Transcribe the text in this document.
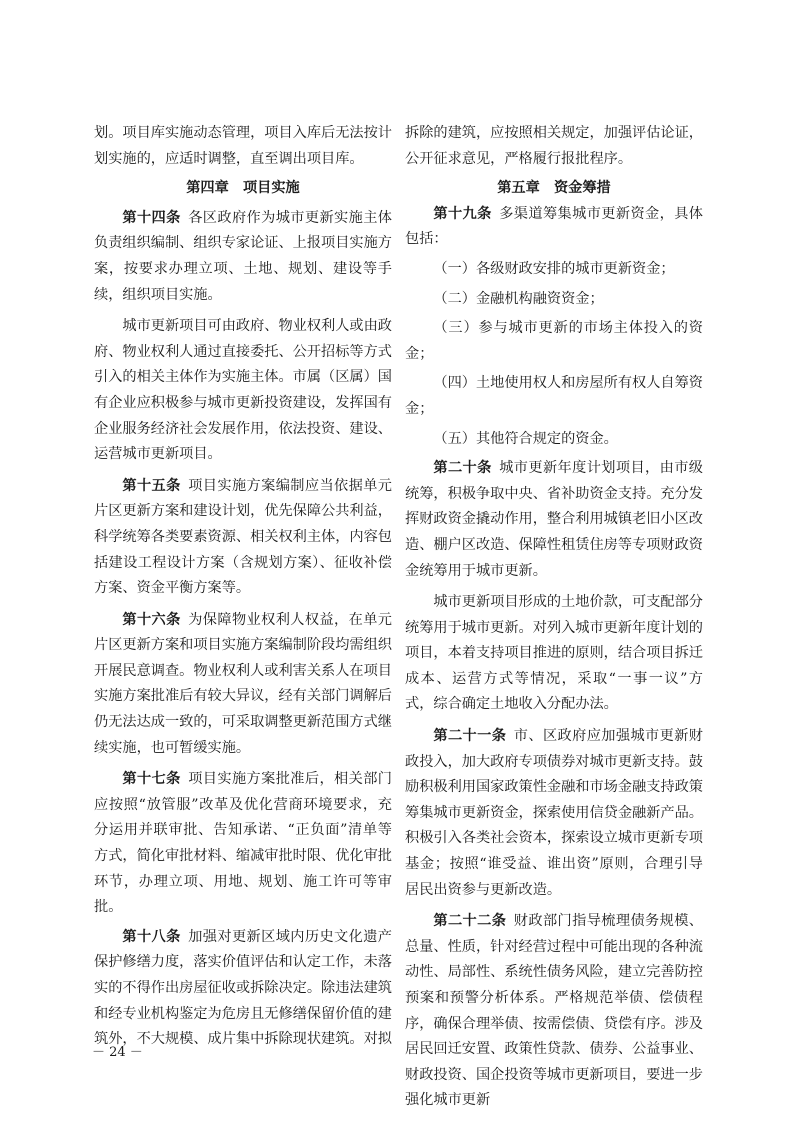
划。项目库实施动态管理，项目入库后无法按计划实施的，应适时调整，直至调出项目库。

第四章　项目实施

第十四条  各区政府作为城市更新实施主体负责组织编制、组织专家论证、上报项目实施方案，按要求办理立项、土地、规划、建设等手续，组织项目实施。

城市更新项目可由政府、物业权利人或由政府、物业权利人通过直接委托、公开招标等方式引入的相关主体作为实施主体。市属（区属）国有企业应积极参与城市更新投资建设，发挥国有企业服务经济社会发展作用，依法投资、建设、运营城市更新项目。

第十五条  项目实施方案编制应当依据单元片区更新方案和建设计划，优先保障公共利益，科学统筹各类要素资源、相关权利主体，内容包括建设工程设计方案（含规划方案）、征收补偿方案、资金平衡方案等。

第十六条  为保障物业权利人权益，在单元片区更新方案和项目实施方案编制阶段均需组织开展民意调查。物业权利人或利害关系人在项目实施方案批准后有较大异议，经有关部门调解后仍无法达成一致的，可采取调整更新范围方式继续实施，也可暂缓实施。

第十七条  项目实施方案批准后，相关部门应按照“放管服”改革及优化营商环境要求，充分运用并联审批、告知承诺、“正负面”清单等方式，简化审批材料、缩减审批时限、优化审批环节，办理立项、用地、规划、施工许可等审批。

第十八条  加强对更新区域内历史文化遗产保护修缮力度，落实价值评估和认定工作，未落实的不得作出房屋征收或拆除决定。除违法建筑和经专业机构鉴定为危房且无修缮保留价值的建筑外，不大规模、成片集中拆除现状建筑。对拟

拆除的建筑，应按照相关规定，加强评估论证，公开征求意见，严格履行报批程序。

第五章　资金筹措

第十九条  多渠道筹集城市更新资金，具体包括：

（一）各级财政安排的城市更新资金；

（二）金融机构融资资金；

（三）参与城市更新的市场主体投入的资金；

（四）土地使用权人和房屋所有权人自筹资金；

（五）其他符合规定的资金。

第二十条  城市更新年度计划项目，由市级统筹，积极争取中央、省补助资金支持。充分发挥财政资金撬动作用，整合利用城镇老旧小区改造、棚户区改造、保障性租赁住房等专项财政资金统筹用于城市更新。

城市更新项目形成的土地价款，可支配部分统筹用于城市更新。对列入城市更新年度计划的项目，本着支持项目推进的原则，结合项目拆迁成本、运营方式等情况，采取“一事一议”方式，综合确定土地收入分配办法。

第二十一条  市、区政府应加强城市更新财政投入，加大政府专项债券对城市更新支持。鼓励积极利用国家政策性金融和市场金融支持政策筹集城市更新资金，探索使用信贷金融新产品。积极引入各类社会资本，探索设立城市更新专项基金；按照“谁受益、谁出资”原则，合理引导居民出资参与更新改造。

第二十二条  财政部门指导梳理债务规模、总量、性质，针对经营过程中可能出现的各种流动性、局部性、系统性债务风险，建立完善防控预案和预警分析体系。严格规范举债、偿债程序，确保合理举债、按需偿债、贷偿有序。涉及居民回迁安置、政策性贷款、债券、公益事业、财政投资、国企投资等城市更新项目，要进一步强化城市更新

－ 24 －
